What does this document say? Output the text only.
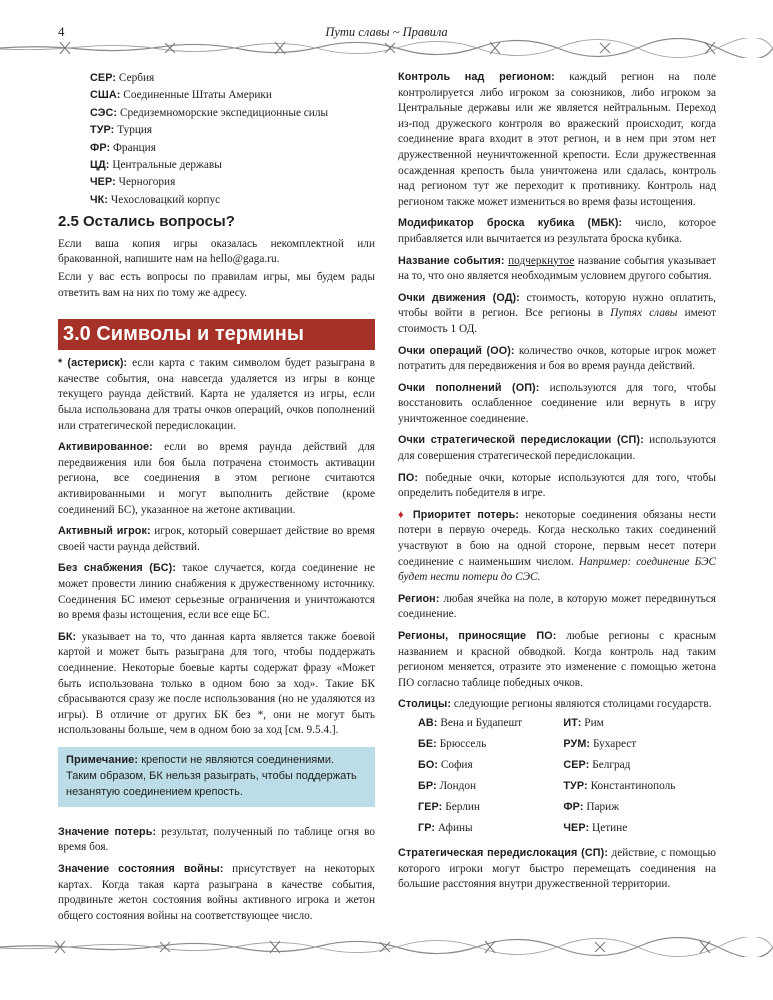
4	Пути славы ~ Правила
СЕР: Сербия
США: Соединенные Штаты Америки
СЭС: Средиземноморские экспедиционные силы
ТУР: Турция
ФР: Франция
ЦД: Центральные державы
ЧЕР: Черногория
ЧК: Чехословацкий корпус
2.5 Остались вопросы?

Если ваша копия игры оказалась некомплектной или бракованной, напишите нам на hello@gaga.ru.

Если у вас есть вопросы по правилам игры, мы будем рады ответить вам на них по тому же адресу.

3.0 Символы и термины

* (астериск): если карта с таким символом будет разыграна в качестве события, она навсегда удаляется из игры в конце текущего раунда действий. Карта не удаляется из игры, если была использована для траты очков операций, очков пополнений или стратегической передислокации.

Активированное: если во время раунда действий для передвижения или боя была потрачена стоимость активации региона, все соединения в этом регионе считаются активированными и могут выполнить действие (кроме соединений БС), указанное на жетоне активации.

Активный игрок: игрок, который совершает действие во время своей части раунда действий.

Без снабжения (БС): такое случается, когда соединение не может провести линию снабжения к дружественному источнику. Соединения БС имеют серьезные ограничения и уничтожаются во время фазы истощения, если все еще БС.

БК: указывает на то, что данная карта является также боевой картой и может быть разыграна для того, чтобы поддержать соединение. Некоторые боевые карты содержат фразу «Может быть использована только в одном бою за ход». Такие БК сбрасываются сразу же после использования (но не удаляются из игры). В отличие от других БК без *, они не могут быть использованы больше, чем в одном бою за ход [см. 9.5.4.].

Примечание: крепости не являются соединениями. Таким образом, БК нельзя разыграть, чтобы поддержать незанятую соединением крепость.

Значение потерь: результат, полученный по таблице огня во время боя.

Значение состояния войны: присутствует на некоторых картах. Когда такая карта разыграна в качестве события, продвиньте жетон состояния войны активного игрока и жетон общего состояния войны на соответствующее число.

Контроль над регионом: каждый регион на поле контролируется либо игроком за союзников, либо игроком за Центральные державы или же является нейтральным. Переход из-под дружеского контроля во вражеский происходит, когда соединение врага входит в этот регион, и в нем при этом нет дружественной неуничтоженной крепости. Если дружественная осажденная крепость была уничтожена или сдалась, контроль над регионом тут же переходит к противнику. Контроль над регионом также может измениться во время фазы истощения.

Модификатор броска кубика (МБК): число, которое прибавляется или вычитается из результата броска кубика.

Название события: подчеркнутое название события указывает на то, что оно является необходимым условием другого события.

Очки движения (ОД): стоимость, которую нужно оплатить, чтобы войти в регион. Все регионы в Путях славы имеют стоимость 1 ОД.

Очки операций (ОО): количество очков, которые игрок может потратить для передвижения и боя во время раунда действий.

Очки пополнений (ОП): используются для того, чтобы восстановить ослабленное соединение или вернуть в игру уничтоженное соединение.

Очки стратегической передислокации (СП): используются для совершения стратегической передислокации.

ПО: победные очки, которые используются для того, чтобы определить победителя в игре.

♦ Приоритет потерь: некоторые соединения обязаны нести потери в первую очередь. Когда несколько таких соединений участвуют в бою на одной стороне, первым несет потери соединение с наименьшим числом. Например: соединение БЭС будет нести потери до СЭС.

Регион: любая ячейка на поле, в которую может передвинуться соединение.

Регионы, приносящие ПО: любые регионы с красным названием и красной обводкой. Когда контроль над таким регионом меняется, отразите это изменение с помощью жетона ПО согласно таблице победных очков.

Столицы: следующие регионы являются столицами государств.

АВ: Вена и Будапешт	ИТ: Рим
БЕ: Брюссель	РУМ: Бухарест
БО: София	СЕР: Белград
БР: Лондон	ТУР: Константинополь
ГЕР: Берлин	ФР: Париж
ГР: Афины	ЧЕР: Цетине

Стратегическая передислокация (СП): действие, с помощью которого игроки могут быстро перемещать соединения на большие расстояния внутри дружественной территории.
